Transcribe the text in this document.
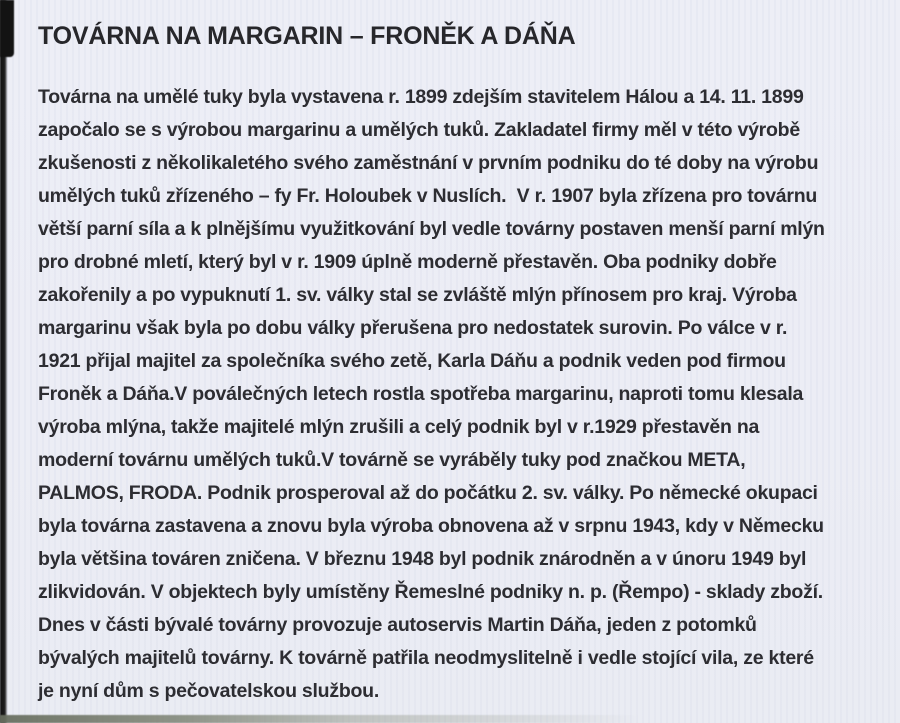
TOVÁRNA NA MARGARIN – FRONĚK A DÁŇA
Továrna na umělé tuky byla vystavena r. 1899 zdejším stavitelem Hálou a 14. 11. 1899
započalo se s výrobou margarinu a umělých tuků. Zakladatel firmy měl v této výrobě
zkušenosti z několikaletého svého zaměstnání v prvním podniku do té doby na výrobu
umělých tuků zřízeného – fy Fr. Holoubek v Nuslích.  V r. 1907 byla zřízena pro továrnu
větší parní síla a k plnějšímu využitkování byl vedle továrny postaven menší parní mlýn
pro drobné mletí, který byl v r. 1909 úplně moderně přestavěn. Oba podniky dobře
zakořenily a po vypuknutí 1. sv. války stal se zvláště mlýn přínosem pro kraj. Výroba
margarinu však byla po dobu války přerušena pro nedostatek surovin. Po válce v r.
1921 přijal majitel za společníka svého zetě, Karla Dáňu a podnik veden pod firmou
Froněk a Dáňa.V poválečných letech rostla spotřeba margarinu, naproti tomu klesala
výroba mlýna, takže majitelé mlýn zrušili a celý podnik byl v r.1929 přestavěn na
moderní továrnu umělých tuků.V továrně se vyráběly tuky pod značkou META,
PALMOS, FRODA. Podnik prosperoval až do počátku 2. sv. války. Po německé okupaci
byla továrna zastavena a znovu byla výroba obnovena až v srpnu 1943, kdy v Německu
byla většina továren zničena. V březnu 1948 byl podnik znárodněn a v únoru 1949 byl
zlikvidován. V objektech byly umístěny Řemeslné podniky n. p. (Řempo) - sklady zboží.
Dnes v části bývalé továrny provozuje autoservis Martin Dáňa, jeden z potomků
bývalých majitelů továrny. K továrně patřila neodmyslitelně i vedle stojící vila, ze které
je nyní dům s pečovatelskou službou.
